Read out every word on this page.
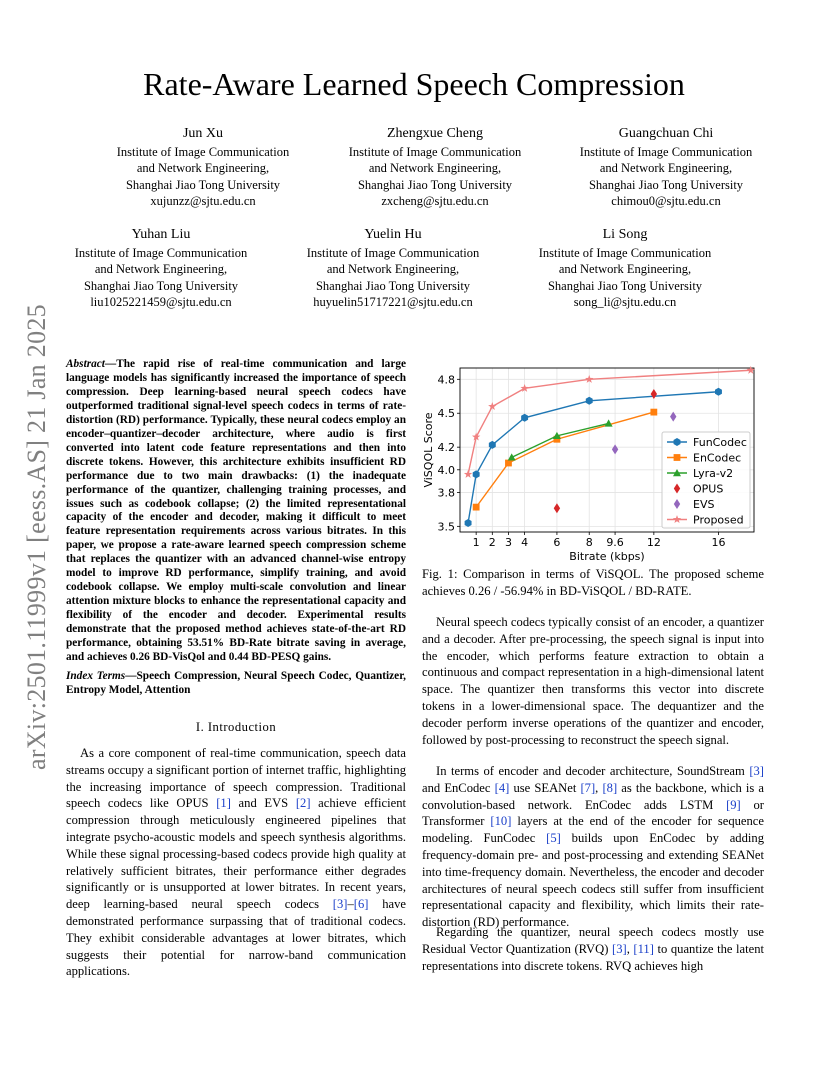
arXiv:2501.11999v1 [eess.AS] 21 Jan 2025
Rate-Aware Learned Speech Compression
Jun Xu
Institute of Image Communication
and Network Engineering,
Shanghai Jiao Tong University
xujunzz@sjtu.edu.cn
Zhengxue Cheng
Institute of Image Communication
and Network Engineering,
Shanghai Jiao Tong University
zxcheng@sjtu.edu.cn
Guangchuan Chi
Institute of Image Communication
and Network Engineering,
Shanghai Jiao Tong University
chimou0@sjtu.edu.cn
Yuhan Liu
Institute of Image Communication
and Network Engineering,
Shanghai Jiao Tong University
liu1025221459@sjtu.edu.cn
Yuelin Hu
Institute of Image Communication
and Network Engineering,
Shanghai Jiao Tong University
huyuelin51717221@sjtu.edu.cn
Li Song
Institute of Image Communication
and Network Engineering,
Shanghai Jiao Tong University
song_li@sjtu.edu.cn
Abstract—The rapid rise of real-time communication and large language models has significantly increased the importance of speech compression. Deep learning-based neural speech codecs have outperformed traditional signal-level speech codecs in terms of rate-distortion (RD) performance. Typically, these neural codecs employ an encoder–quantizer–decoder architecture, where audio is first converted into latent code feature representations and then into discrete tokens. However, this architecture exhibits insufficient RD performance due to two main drawbacks: (1) the inadequate performance of the quantizer, challenging training processes, and issues such as codebook collapse; (2) the limited representational capacity of the encoder and decoder, making it difficult to meet feature representation requirements across various bitrates. In this paper, we propose a rate-aware learned speech compression scheme that replaces the quantizer with an advanced channel-wise entropy model to improve RD performance, simplify training, and avoid codebook collapse. We employ multi-scale convolution and linear attention mixture blocks to enhance the representational capacity and flexibility of the encoder and decoder. Experimental results demonstrate that the proposed method achieves state-of-the-art RD performance, obtaining 53.51% BD-Rate bitrate saving in average, and achieves 0.26 BD-VisQol and 0.44 BD-PESQ gains.
Index Terms—Speech Compression, Neural Speech Codec, Quantizer, Entropy Model, Attention
I. Introduction
As a core component of real-time communication, speech data streams occupy a significant portion of internet traffic, highlighting the increasing importance of speech compression. Traditional speech codecs like OPUS [1] and EVS [2] achieve efficient compression through meticulously engineered pipelines that integrate psycho-acoustic models and speech synthesis algorithms. While these signal processing-based codecs provide high quality at relatively sufficient bitrates, their performance either degrades significantly or is unsupported at lower bitrates. In recent years, deep learning-based neural speech codecs [3]–[6] have demonstrated performance surpassing that of traditional codecs. They exhibit considerable advantages at lower bitrates, which suggests their potential for narrow-band communication applications.
1 2 3 4 6 8 9.6 12	16
3.5
3.8
4.0
4.2
4.5
4.8
Bitrate (kbps)
ViSQOL Score	FunCodec
EnCodec
Lyra-v2
OPUS
EVS
Proposed
Fig. 1: Comparison in terms of ViSQOL. The proposed scheme achieves 0.26 / -56.94% in BD-ViSQOL / BD-RATE.
Neural speech codecs typically consist of an encoder, a quantizer and a decoder. After pre-processing, the speech signal is input into the encoder, which performs feature extraction to obtain a continuous and compact representation in a high-dimensional latent space. The quantizer then transforms this vector into discrete tokens in a lower-dimensional space. The dequantizer and the decoder perform inverse operations of the quantizer and encoder, followed by post-processing to reconstruct the speech signal.
In terms of encoder and decoder architecture, SoundStream [3] and EnCodec [4] use SEANet [7], [8] as the backbone, which is a convolution-based network. EnCodec adds LSTM [9] or Transformer [10] layers at the end of the encoder for sequence modeling. FunCodec [5] builds upon EnCodec by adding frequency-domain pre- and post-processing and extending SEANet into time-frequency domain. Nevertheless, the encoder and decoder architectures of neural speech codecs still suffer from insufficient representational capacity and flexibility, which limits their rate-distortion (RD) performance.
Regarding the quantizer, neural speech codecs mostly use Residual Vector Quantization (RVQ) [3], [11] to quantize the latent representations into discrete tokens. RVQ achieves high
